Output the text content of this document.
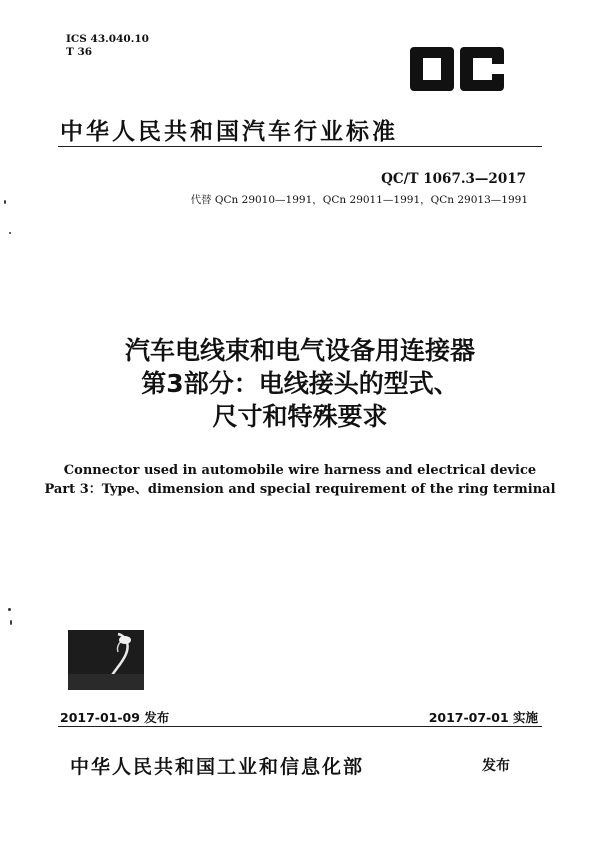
ICS 43.040.10
T 36
中华人民共和国汽车行业标准
QC/T 1067.3—2017
代替 QCn 29010—1991，QCn 29011—1991，QCn 29013—1991
汽车电线束和电气设备用连接器
第3部分：电线接头的型式、
尺寸和特殊要求
Connector used in automobile wire harness and electrical device
Part 3：Type、dimension and special requirement of the ring terminal
2017-01-09 发布	2017-07-01 实施
中华人民共和国工业和信息化部	发布
